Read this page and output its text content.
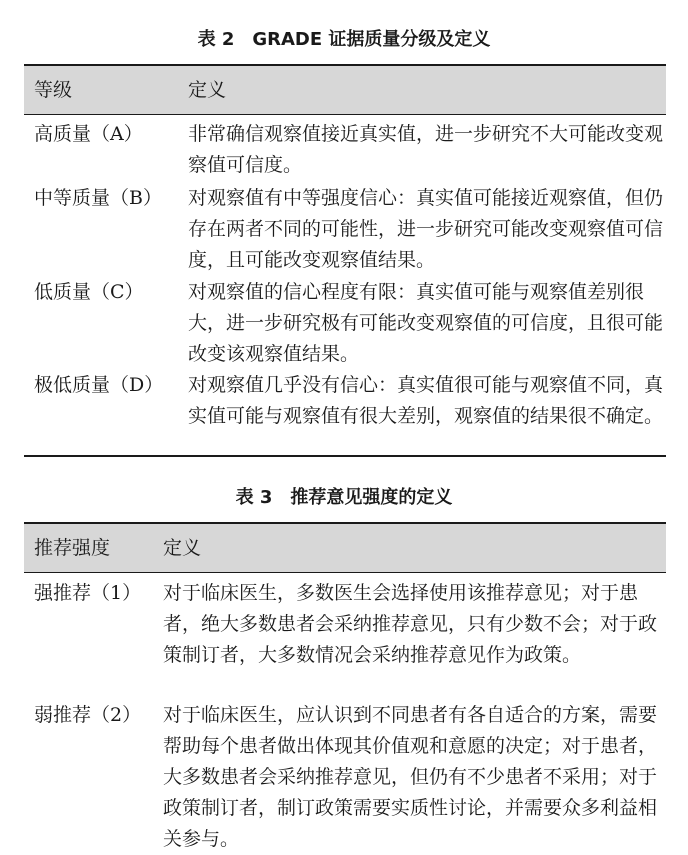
表 2 GRADE 证据质量分级及定义
等级	定义
高质量（A） 非常确信观察值接近真实值，进一步研究不大可能改变观察值可信度。
中等质量（B） 对观察值有中等强度信心：真实值可能接近观察值，但仍存在两者不同的可能性，进一步研究可能改变观察值可信度，且可能改变观察值结果。
低质量（C） 对观察值的信心程度有限：真实值可能与观察值差别很大，进一步研究极有可能改变观察值的可信度，且很可能改变该观察值结果。
极低质量（D） 对观察值几乎没有信心：真实值很可能与观察值不同，真实值可能与观察值有很大差别，观察值的结果很不确定。
表 3 推荐意见强度的定义
推荐强度	定义
强推荐（1） 对于临床医生，多数医生会选择使用该推荐意见；对于患者，绝大多数患者会采纳推荐意见，只有少数不会；对于政策制订者，大多数情况会采纳推荐意见作为政策。
弱推荐（2） 对于临床医生，应认识到不同患者有各自适合的方案，需要帮助每个患者做出体现其价值观和意愿的决定；对于患者，大多数患者会采纳推荐意见，但仍有不少患者不采用；对于政策制订者，制订政策需要实质性讨论，并需要众多利益相关参与。
